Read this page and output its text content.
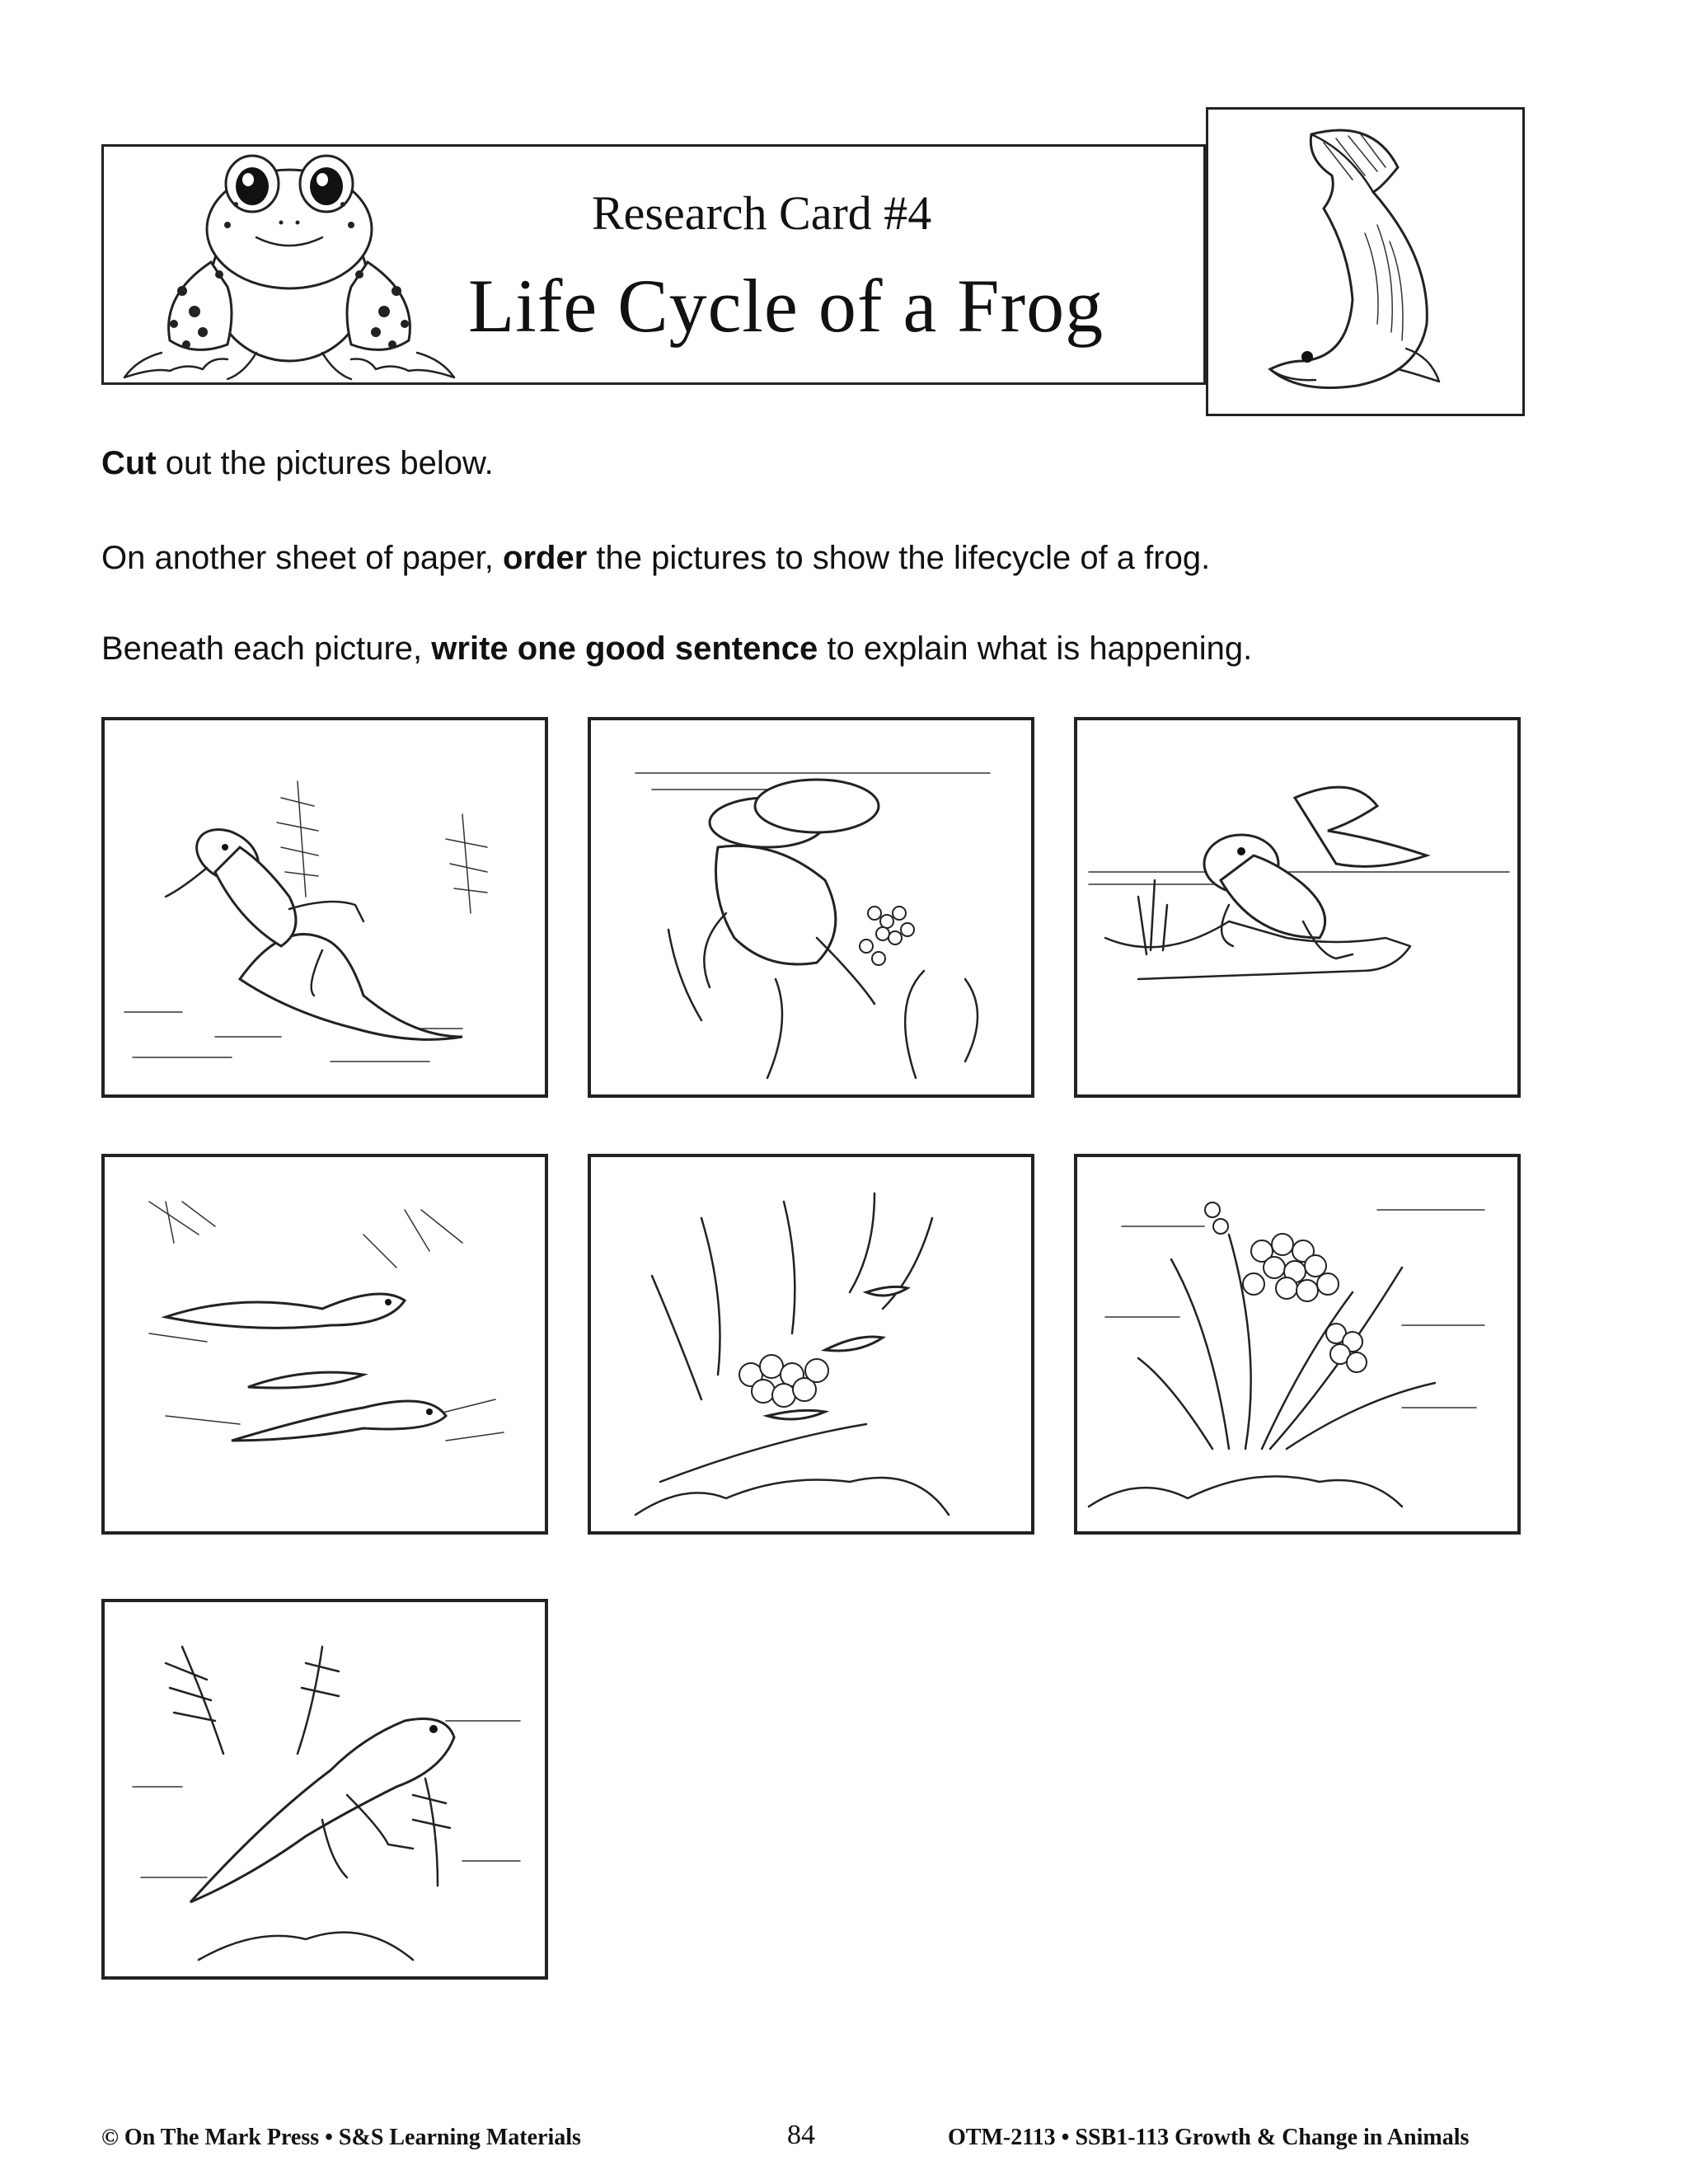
Research Card #4
Life Cycle of a Frog
Cut out the pictures below.
On another sheet of paper, order the pictures to show the lifecycle of a frog.
Beneath each picture, write one good sentence to explain what is happening.
© On The Mark Press • S&S Learning Materials	84	OTM-2113 • SSB1-113 Growth & Change in Animals
